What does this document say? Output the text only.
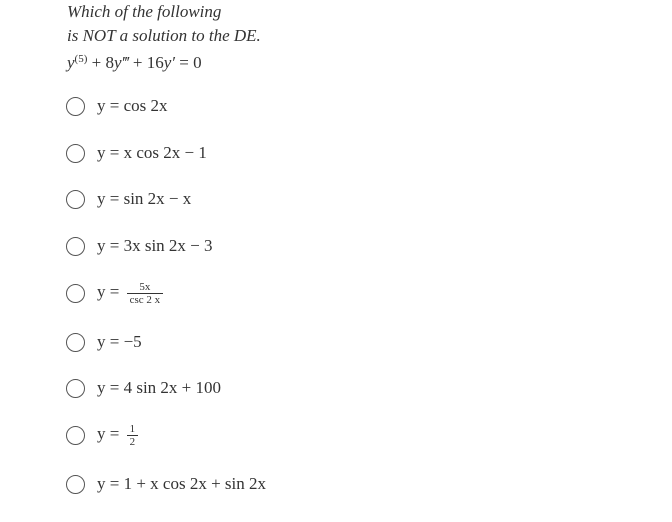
Which of the following
is NOT a solution to the DE.
$y^{(5)}$ + 8y‴ + 16y′ = 0
y = cos 2x
y = x cos 2x − 1
y = sin 2x − x
y = 3x sin 2x − 3
$y = \frac{5x}{\csc 2 x}$
y = −5
y = 4 sin 2x + 100
$y = \frac{1}{2}$
y = 1 + x cos 2x + sin 2x
